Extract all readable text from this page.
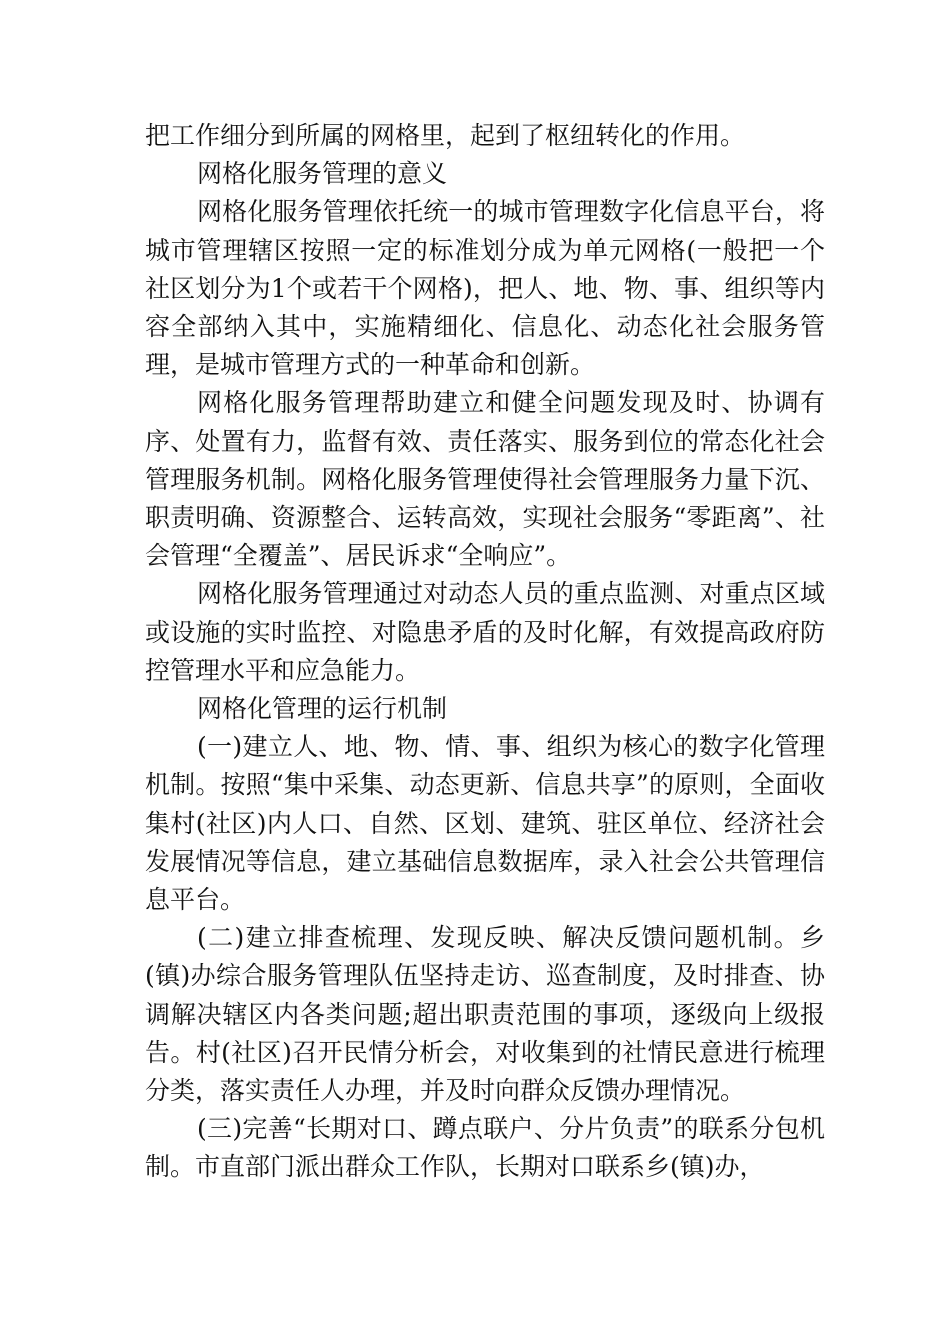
把工作细分到所属的网格里，起到了枢纽转化的作用。

网格化服务管理的意义

网格化服务管理依托统一的城市管理数字化信息平台，将城市管理辖区按照一定的标准划分成为单元网格(一般把一个社区划分为1个或若干个网格)，把人、地、物、事、组织等内容全部纳入其中，实施精细化、信息化、动态化社会服务管理，是城市管理方式的一种革命和创新。

网格化服务管理帮助建立和健全问题发现及时、协调有序、处置有力，监督有效、责任落实、服务到位的常态化社会管理服务机制。网格化服务管理使得社会管理服务力量下沉、职责明确、资源整合、运转高效，实现社会服务“零距离”、社会管理“全覆盖”、居民诉求“全响应”。

网格化服务管理通过对动态人员的重点监测、对重点区域或设施的实时监控、对隐患矛盾的及时化解，有效提高政府防控管理水平和应急能力。

网格化管理的运行机制

(一)建立人、地、物、情、事、组织为核心的数字化管理机制。按照“集中采集、动态更新、信息共享”的原则，全面收集村(社区)内人口、自然、区划、建筑、驻区单位、经济社会发展情况等信息，建立基础信息数据库，录入社会公共管理信息平台。

(二)建立排查梳理、发现反映、解决反馈问题机制。乡(镇)办综合服务管理队伍坚持走访、巡查制度，及时排查、协调解决辖区内各类问题;超出职责范围的事项，逐级向上级报告。村(社区)召开民情分析会，对收集到的社情民意进行梳理分类，落实责任人办理，并及时向群众反馈办理情况。

(三)完善“长期对口、蹲点联户、分片负责”的联系分包机制。市直部门派出群众工作队，长期对口联系乡(镇)办，
